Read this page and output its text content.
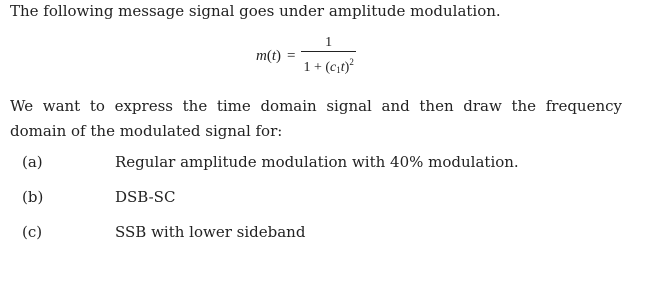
The following message signal goes under amplitude modulation.
$m(t) = \frac{1}{1 + (c_1t)^2}$
We want to express the time domain signal and then draw the frequency domain of the modulated signal for:
(a)	Regular amplitude modulation with 40% modulation.
(b)	DSB-SC
(c)	SSB with lower sideband
